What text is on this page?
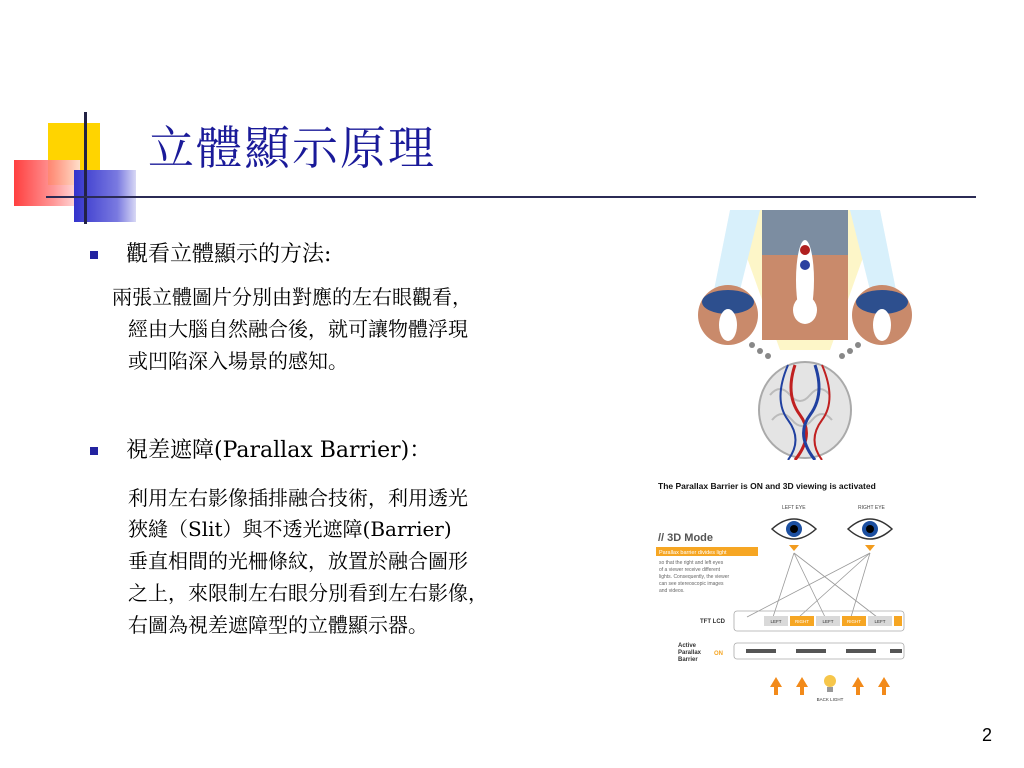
立體顯示原理
觀看立體顯示的方法:
兩張立體圖片分別由對應的左右眼觀看，
經由大腦自然融合後，就可讓物體浮現
或凹陷深入場景的感知。
視差遮障(Parallax Barrier)：
利用左右影像插排融合技術，利用透光
狹縫（Slit）與不透光遮障(Barrier)
垂直相間的光柵條紋，放置於融合圖形
之上，來限制左右眼分別看到左右影像，
右圖為視差遮障型的立體顯示器。
The Parallax Barrier is ON and 3D viewing is activated
LEFT EYE	RIGHT EYE
// 3D Mode
Parallax barrier divides light
so that the right and left eyes
of a viewer receive different
lights. Consequently, the viewer
can see stereoscopic images
and videos.
TFT LCD	LEFT	RIGHT	LEFT	RIGHT	LEFT
Active
Parallax
Barrier
ON
BACK LIGHT
2
